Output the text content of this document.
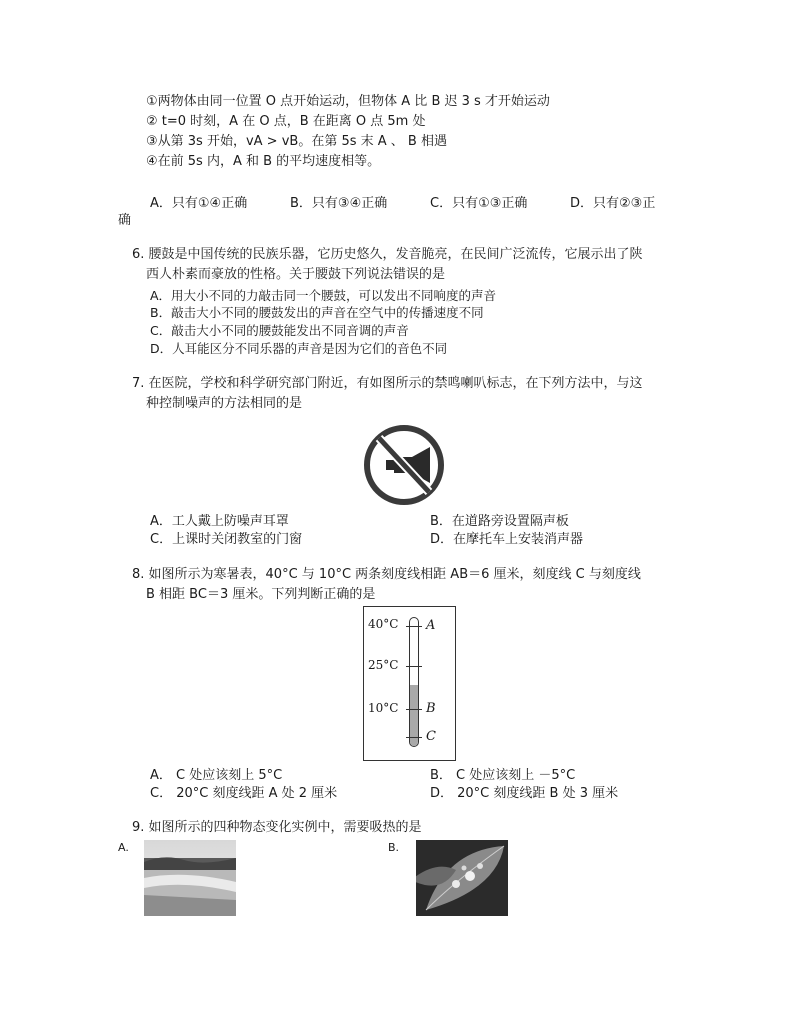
①两物体由同一位置 O 点开始运动，但物体 A 比 B 迟 3 s 才开始运动
② t=0 时刻，A 在 O 点，B 在距离 O 点 5m 处
③从第 3s 开始，vA > vB。在第 5s 末 A 、 B 相遇
④在前 5s 内，A 和 B 的平均速度相等。
A．只有①④正确	B．只有③④正确	C．只有①③正确	D．只有②③正
确
6. 腰鼓是中国传统的民族乐器，它历史悠久，发音脆亮，在民间广泛流传，它展示出了陕
西人朴素而豪放的性格。关于腰鼓下列说法错误的是
A．用大小不同的力敲击同一个腰鼓，可以发出不同响度的声音
B．敲击大小不同的腰鼓发出的声音在空气中的传播速度不同
C．敲击大小不同的腰鼓能发出不同音调的声音
D．人耳能区分不同乐器的声音是因为它们的音色不同
7. 在医院，学校和科学研究部门附近，有如图所示的禁鸣喇叭标志，在下列方法中，与这
种控制噪声的方法相同的是
A．工人戴上防噪声耳罩	B．在道路旁设置隔声板
C．上课时关闭教室的门窗	D．在摩托车上安装消声器
8. 如图所示为寒暑表，40°C 与 10°C 两条刻度线相距 AB＝6 厘米，刻度线 C 与刻度线
B 相距 BC＝3 厘米。下列判断正确的是
40°C
25°C
10°C
A
B
C
A． C 处应该刻上 5°C	B． C 处应该刻上 －5°C
C． 20°C 刻度线距 A 处 2 厘米	D． 20°C 刻度线距 B 处 3 厘米
9. 如图所示的四种物态变化实例中，需要吸热的是
A.	B.
